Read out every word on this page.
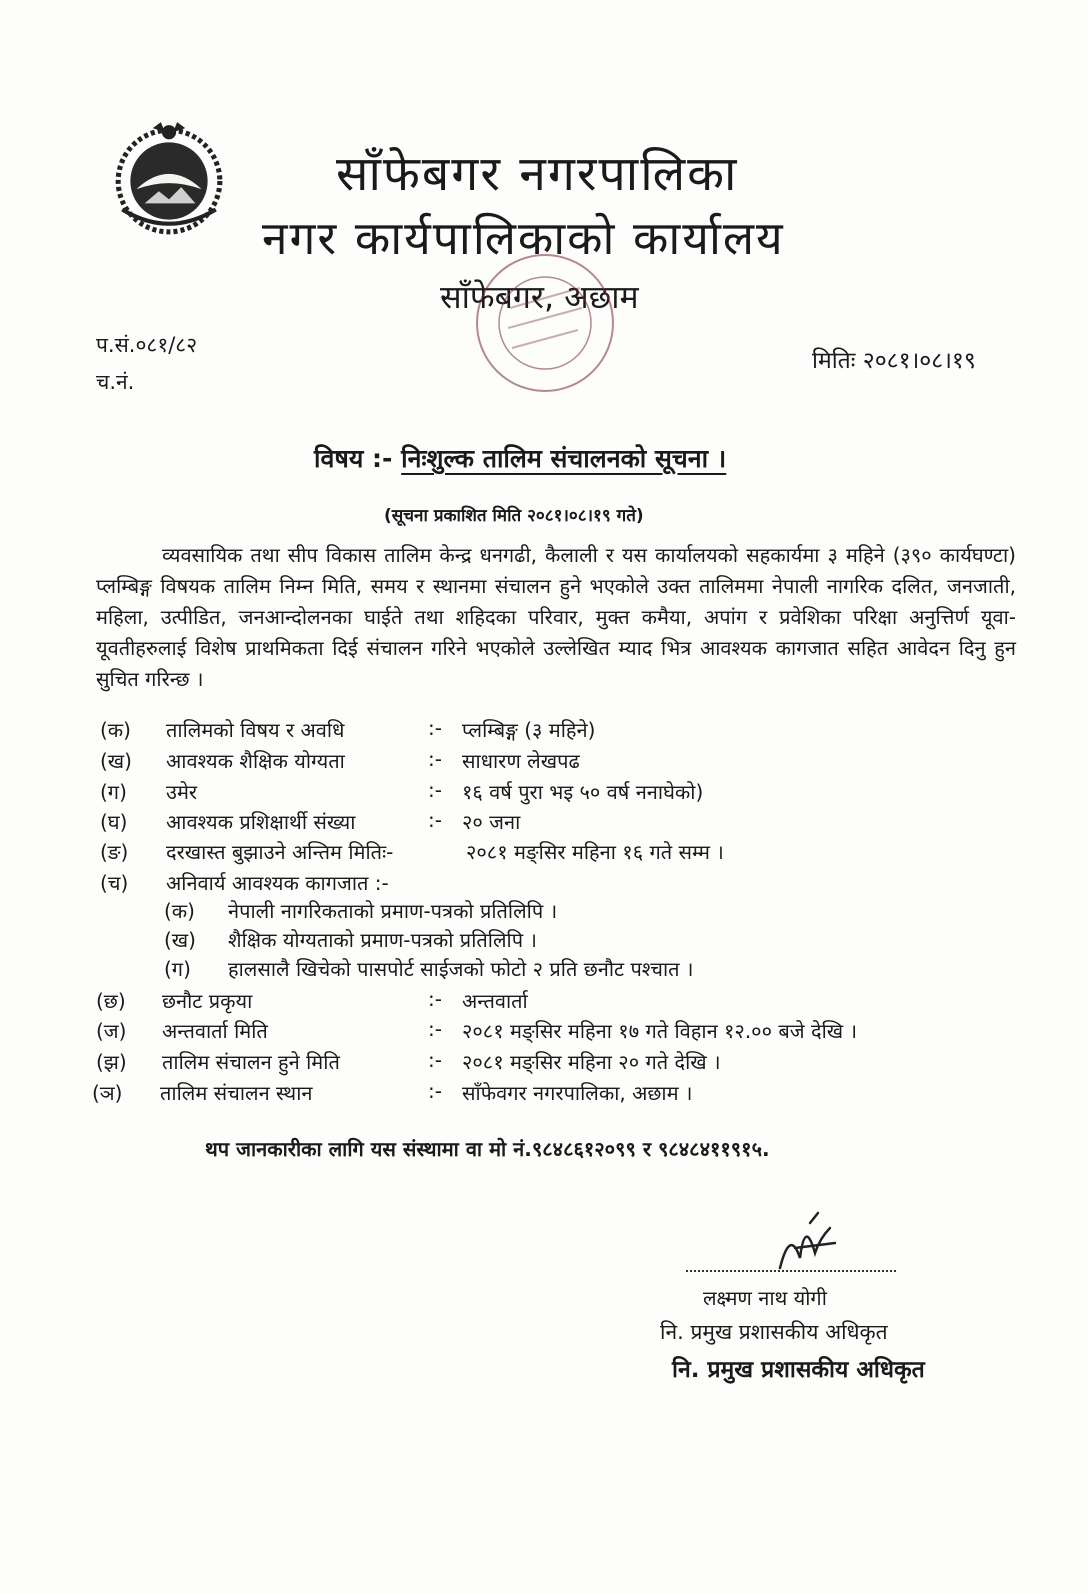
साँफेबगर नगरपालिका
नगर कार्यपालिकाको कार्यालय
साँफेबगर, अछाम
प.सं.०८१/८२
च.नं.
मितिः २०८१।०८।१९
विषय :- निःशुल्क तालिम संचालनको सूचना ।
(सूचना प्रकाशित मिति २०८१।०८।१९ गते)
व्यवसायिक तथा सीप विकास तालिम केन्द्र धनगढी, कैलाली र यस कार्यालयको सहकार्यमा ३ महिने (३९० कार्यघण्टा) प्लम्बिङ्ग विषयक तालिम निम्न मिति, समय र स्थानमा संचालन हुने भएकोले उक्त तालिममा नेपाली नागरिक दलित, जनजाती, महिला, उत्पीडित, जनआन्दोलनका घाईते तथा शहिदका परिवार, मुक्त कमैया, अपांग र प्रवेशिका परिक्षा अनुत्तिर्ण यूवा-यूवतीहरुलाई विशेष प्राथमिकता दिई संचालन गरिने भएकोले उल्लेखित म्याद भित्र आवश्यक कागजात सहित आवेदन दिनु हुन सुचित गरिन्छ ।
(क) तालिमको विषय र अवधि	:- प्लम्बिङ्ग (३ महिने)
(ख) आवश्यक शैक्षिक योग्यता	:- साधारण लेखपढ
(ग) उमेर	:- १६ वर्ष पुरा भइ ५० वर्ष ननाघेको)
(घ) आवश्यक प्रशिक्षार्थी संख्या	:- २० जना
(ङ) दरखास्त बुझाउने अन्तिम मितिः-	२०८१ मङ्सिर महिना १६ गते सम्म ।
(च) अनिवार्य आवश्यक कागजात :-
(क) नेपाली नागरिकताको प्रमाण-पत्रको प्रतिलिपि ।
(ख) शैक्षिक योग्यताको प्रमाण-पत्रको प्रतिलिपि ।
(ग) हालसालै खिचेको पासपोर्ट साईजको फोटो २ प्रति छनौट पश्चात ।
(छ) छनौट प्रकृया	:- अन्तवार्ता
(ज) अन्तवार्ता मिति	:- २०८१ मङ्सिर महिना १७ गते विहान १२.०० बजे देखि ।
(झ) तालिम संचालन हुने मिति	:- २०८१ मङ्सिर महिना २० गते देखि ।
(ञ) तालिम संचालन स्थान	:- साँफेवगर नगरपालिका, अछाम ।
थप जानकारीका लागि यस संस्थामा वा मो नं.९८४८६१२०९९ र ९८४८४११९१५.
लक्ष्मण नाथ योगी
नि. प्रमुख प्रशासकीय अधिकृत
नि. प्रमुख प्रशासकीय अधिकृत
